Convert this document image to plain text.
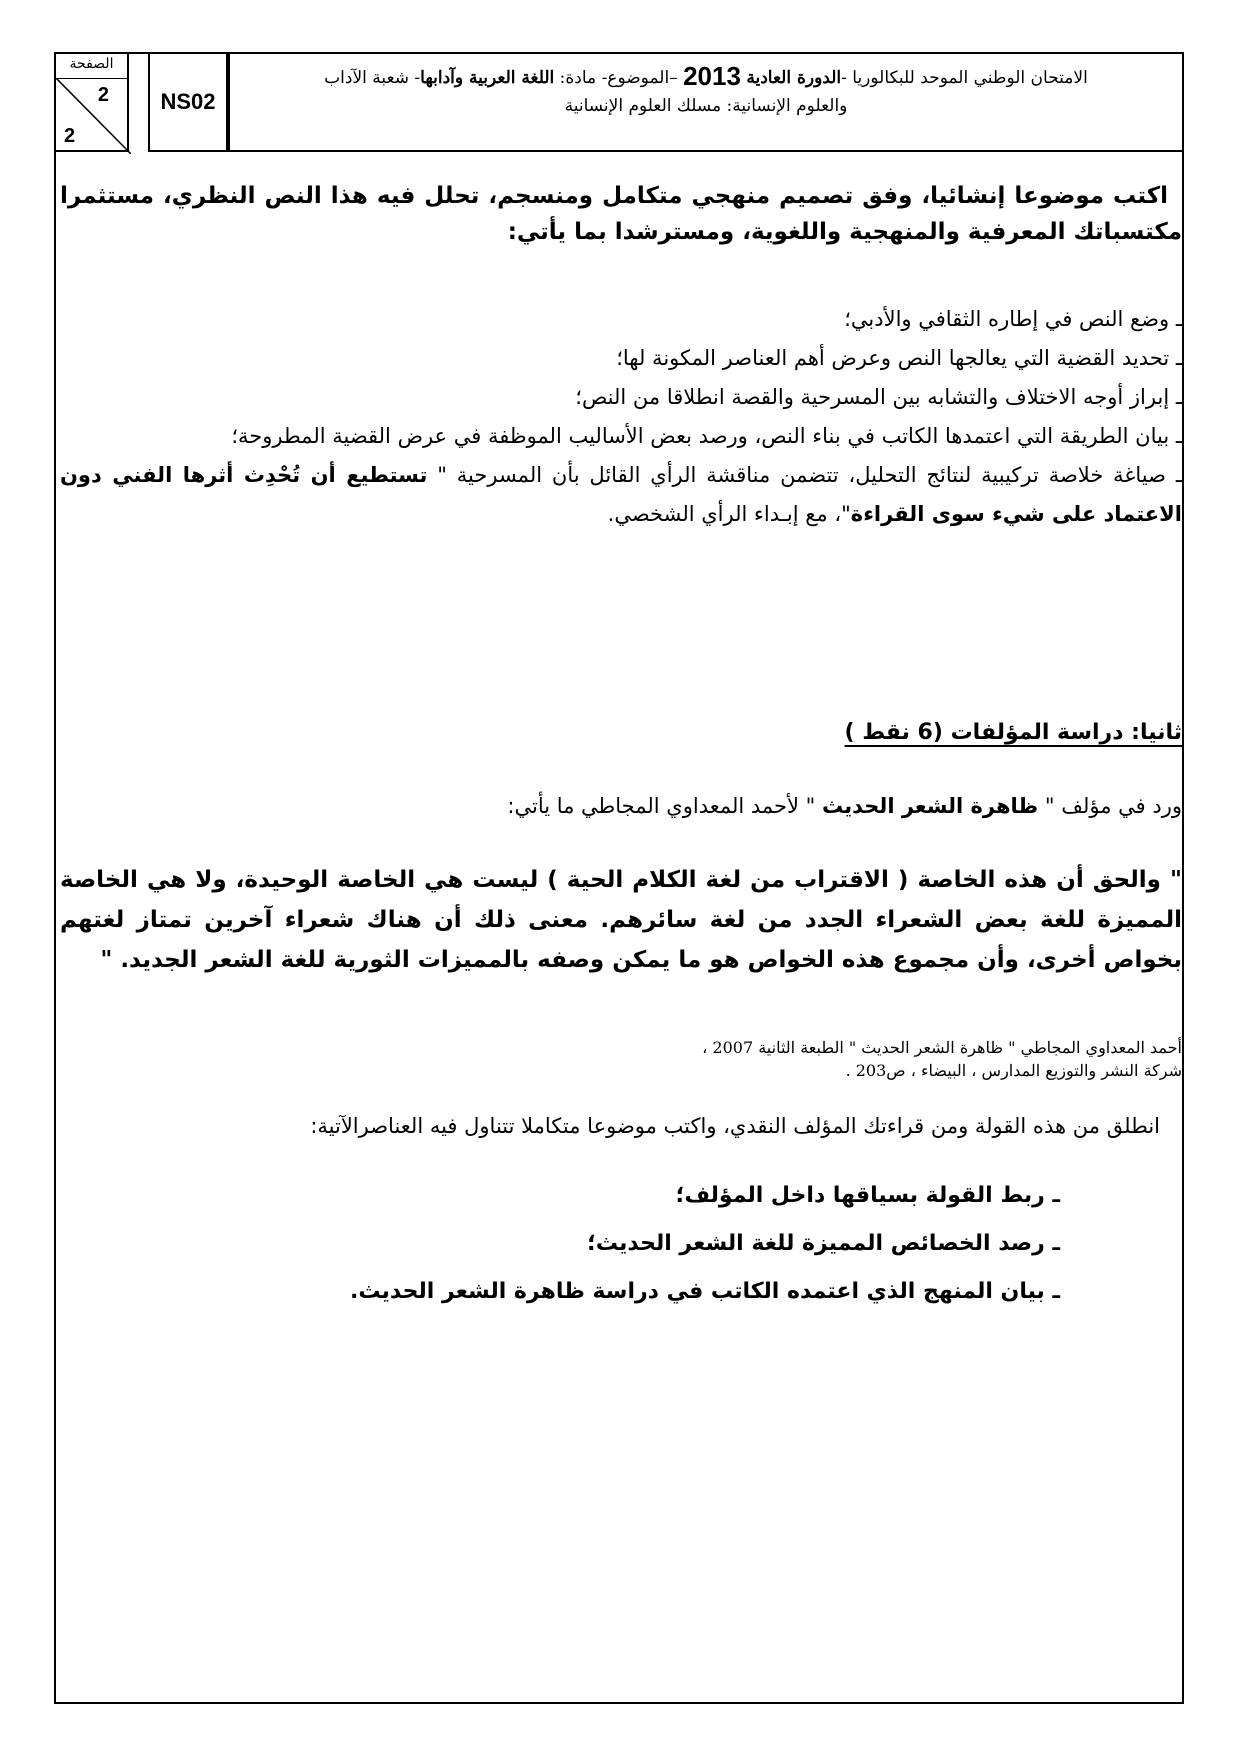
الصفحة
2
2
NS02
الامتحان الوطني الموحد للبكالوريا -الدورة العادية 2013 –الموضوع- مادة: اللغة العربية وآدابها- شعبة الآداب
والعلوم الإنسانية: مسلك العلوم الإنسانية
اكتب موضوعا إنشائيا، وفق تصميم منهجي متكامل ومنسجم، تحلل فيه هذا النص النظري، مستثمرا مكتسباتك المعرفية والمنهجية واللغوية، ومسترشدا بما يأتي:

ـ وضع النص في إطاره الثقافي والأدبي؛

ـ تحديد القضية التي يعالجها النص وعرض أهم العناصر المكونة لها؛

ـ إبراز أوجه الاختلاف والتشابه بين المسرحية والقصة انطلاقا من النص؛

ـ بيان الطريقة التي اعتمدها الكاتب في بناء النص، ورصد بعض الأساليب الموظفة في عرض القضية المطروحة؛

ـ صياغة خلاصة تركيبية لنتائج التحليل، تتضمن مناقشة الرأي القائل بأن المسرحية " تستطيع أن تُحْدِث أثرها الفني دون الاعتماد على شيء سوى القراءة"، مع إبـداء الرأي الشخصي.

ثانيا: دراسة المؤلفات (6 نقط )
ورد في مؤلف " ظاهرة الشعر الحديث " لأحمد المعداوي المجاطي ما يأتي:
" والحق أن هذه الخاصة ( الاقتراب من لغة الكلام الحية ) ليست هي الخاصة الوحيدة، ولا هي الخاصة المميزة للغة بعض الشعراء الجدد من لغة سائرهم. معنى ذلك أن هناك شعراء آخرين تمتاز لغتهم بخواص أخرى، وأن مجموع هذه الخواص هو ما يمكن وصفه بالمميزات الثورية للغة الشعر الجديد. "
أحمد المعداوي المجاطي " ظاهرة الشعر الحديث " الطبعة الثانية 2007 ،
شركة النشر والتوزيع المدارس ، البيضاء ، ص203 .
انطلق من هذه القولة ومن قراءتك المؤلف النقدي، واكتب موضوعا متكاملا تتناول فيه العناصرالآتية:

ـ ربط القولة بسياقها داخل المؤلف؛

ـ رصد الخصائص المميزة للغة الشعر الحديث؛

ـ بيان المنهج الذي اعتمده الكاتب في دراسة ظاهرة الشعر الحديث.
